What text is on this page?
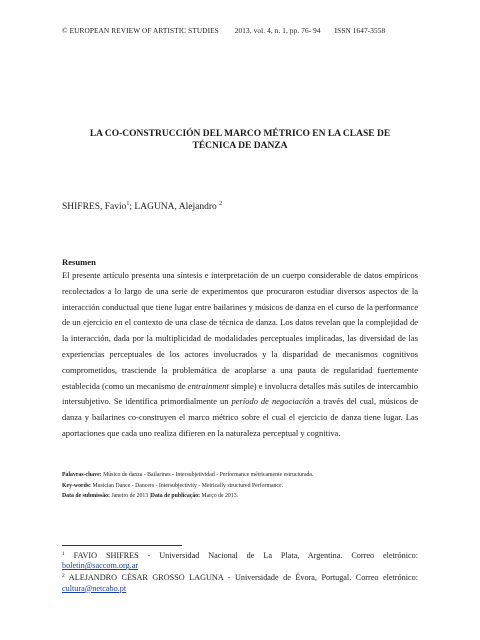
© EUROPEAN REVIEW OF ARTISTIC STUDIES 2013, vol. 4, n. 1, pp. 76- 94 ISSN 1647-3558
LA CO-CONSTRUCCIÓN DEL MARCO MÉTRICO EN LA CLASE DE
TÉCNICA DE DANZA
SHIFRES, Favio$^1$; LAGUNA, Alejandro $^2$
Resumen
El presente artículo presenta una síntesis e interpretación de un cuerpo considerable de datos empíricos recolectados a lo largo de una serie de experimentos que procuraron estudiar diversos aspectos de la interacción conductual que tiene lugar entre bailarines y músicos de danza en el curso de la performance de un ejercicio en el contexto de una clase de técnica de danza. Los datos revelan que la complejidad de la interacción, dada por la multiplicidad de modalidades perceptuales implicadas, las diversidad de las experiencias perceptuales de los actores involucrados y la disparidad de mecanismos cognitivos comprometidos, trasciende la problemática de acoplarse a una pauta de regularidad fuertemente establecida (como un mecanismo de entrainment simple) e involucra detalles más sutiles de intercambio intersubjetivo. Se identifica primordialmente un período de negociación a través del cual, músicos de danza y bailarines co-construyen el marco métrico sobre el cual el ejercicio de danza tiene lugar. Las aportaciones que cada uno realiza difieren en la naturaleza perceptual y cognitiva.
Palavras-chave: Músico de danza - Bailarines - Intersubjetividad - Performance métricamente estructurada.
Key-words: Musician Dance - Dancers - Intersubjectivity - Metrically structured Performance.
Data de submissão: Janeiro de 2013 |Data de publicação: Março de 2013.
$^1$ FAVIO SHIFRES - Universidad Nacional de La Plata, Argentina. Correo eletrónico: boletin@saccom.org.ar
$^2$ ALEJANDRO CÉSAR GROSSO LAGUNA - Universidade de Évora, Portugal. Correo eletrónico: cultura@netcabo.pt
